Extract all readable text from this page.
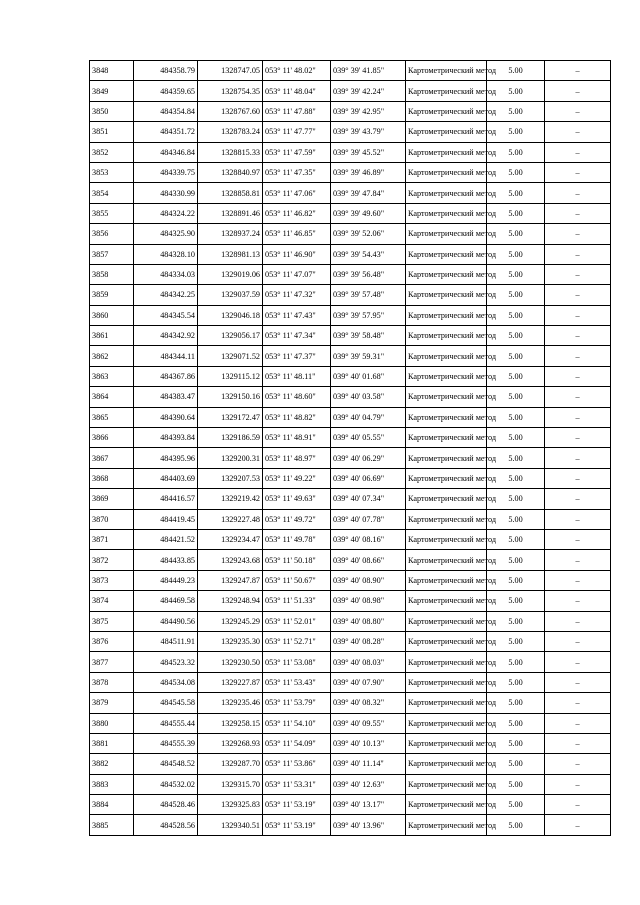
3848	484358.79	1328747.05	053° 11' 48.02"	039° 39' 41.85"	Картометрический метод	5.00	–
3849	484359.65	1328754.35	053° 11' 48.04"	039° 39' 42.24"	Картометрический метод	5.00	–
3850	484354.84	1328767.60	053° 11' 47.88"	039° 39' 42.95"	Картометрический метод	5.00	–
3851	484351.72	1328783.24	053° 11' 47.77"	039° 39' 43.79"	Картометрический метод	5.00	–
3852	484346.84	1328815.33	053° 11' 47.59"	039° 39' 45.52"	Картометрический метод	5.00	–
3853	484339.75	1328840.97	053° 11' 47.35"	039° 39' 46.89"	Картометрический метод	5.00	–
3854	484330.99	1328858.81	053° 11' 47.06"	039° 39' 47.84"	Картометрический метод	5.00	–
3855	484324.22	1328891.46	053° 11' 46.82"	039° 39' 49.60"	Картометрический метод	5.00	–
3856	484325.90	1328937.24	053° 11' 46.85"	039° 39' 52.06"	Картометрический метод	5.00	–
3857	484328.10	1328981.13	053° 11' 46.90"	039° 39' 54.43"	Картометрический метод	5.00	–
3858	484334.03	1329019.06	053° 11' 47.07"	039° 39' 56.48"	Картометрический метод	5.00	–
3859	484342.25	1329037.59	053° 11' 47.32"	039° 39' 57.48"	Картометрический метод	5.00	–
3860	484345.54	1329046.18	053° 11' 47.43"	039° 39' 57.95"	Картометрический метод	5.00	–
3861	484342.92	1329056.17	053° 11' 47.34"	039° 39' 58.48"	Картометрический метод	5.00	–
3862	484344.11	1329071.52	053° 11' 47.37"	039° 39' 59.31"	Картометрический метод	5.00	–
3863	484367.86	1329115.12	053° 11' 48.11"	039° 40' 01.68"	Картометрический метод	5.00	–
3864	484383.47	1329150.16	053° 11' 48.60"	039° 40' 03.58"	Картометрический метод	5.00	–
3865	484390.64	1329172.47	053° 11' 48.82"	039° 40' 04.79"	Картометрический метод	5.00	–
3866	484393.84	1329186.59	053° 11' 48.91"	039° 40' 05.55"	Картометрический метод	5.00	–
3867	484395.96	1329200.31	053° 11' 48.97"	039° 40' 06.29"	Картометрический метод	5.00	–
3868	484403.69	1329207.53	053° 11' 49.22"	039° 40' 06.69"	Картометрический метод	5.00	–
3869	484416.57	1329219.42	053° 11' 49.63"	039° 40' 07.34"	Картометрический метод	5.00	–
3870	484419.45	1329227.48	053° 11' 49.72"	039° 40' 07.78"	Картометрический метод	5.00	–
3871	484421.52	1329234.47	053° 11' 49.78"	039° 40' 08.16"	Картометрический метод	5.00	–
3872	484433.85	1329243.68	053° 11' 50.18"	039° 40' 08.66"	Картометрический метод	5.00	–
3873	484449.23	1329247.87	053° 11' 50.67"	039° 40' 08.90"	Картометрический метод	5.00	–
3874	484469.58	1329248.94	053° 11' 51.33"	039° 40' 08.98"	Картометрический метод	5.00	–
3875	484490.56	1329245.29	053° 11' 52.01"	039° 40' 08.80"	Картометрический метод	5.00	–
3876	484511.91	1329235.30	053° 11' 52.71"	039° 40' 08.28"	Картометрический метод	5.00	–
3877	484523.32	1329230.50	053° 11' 53.08"	039° 40' 08.03"	Картометрический метод	5.00	–
3878	484534.08	1329227.87	053° 11' 53.43"	039° 40' 07.90"	Картометрический метод	5.00	–
3879	484545.58	1329235.46	053° 11' 53.79"	039° 40' 08.32"	Картометрический метод	5.00	–
3880	484555.44	1329258.15	053° 11' 54.10"	039° 40' 09.55"	Картометрический метод	5.00	–
3881	484555.39	1329268.93	053° 11' 54.09"	039° 40' 10.13"	Картометрический метод	5.00	–
3882	484548.52	1329287.70	053° 11' 53.86"	039° 40' 11.14"	Картометрический метод	5.00	–
3883	484532.02	1329315.70	053° 11' 53.31"	039° 40' 12.63"	Картометрический метод	5.00	–
3884	484528.46	1329325.83	053° 11' 53.19"	039° 40' 13.17"	Картометрический метод	5.00	–
3885	484528.56	1329340.51	053° 11' 53.19"	039° 40' 13.96"	Картометрический метод	5.00	–
